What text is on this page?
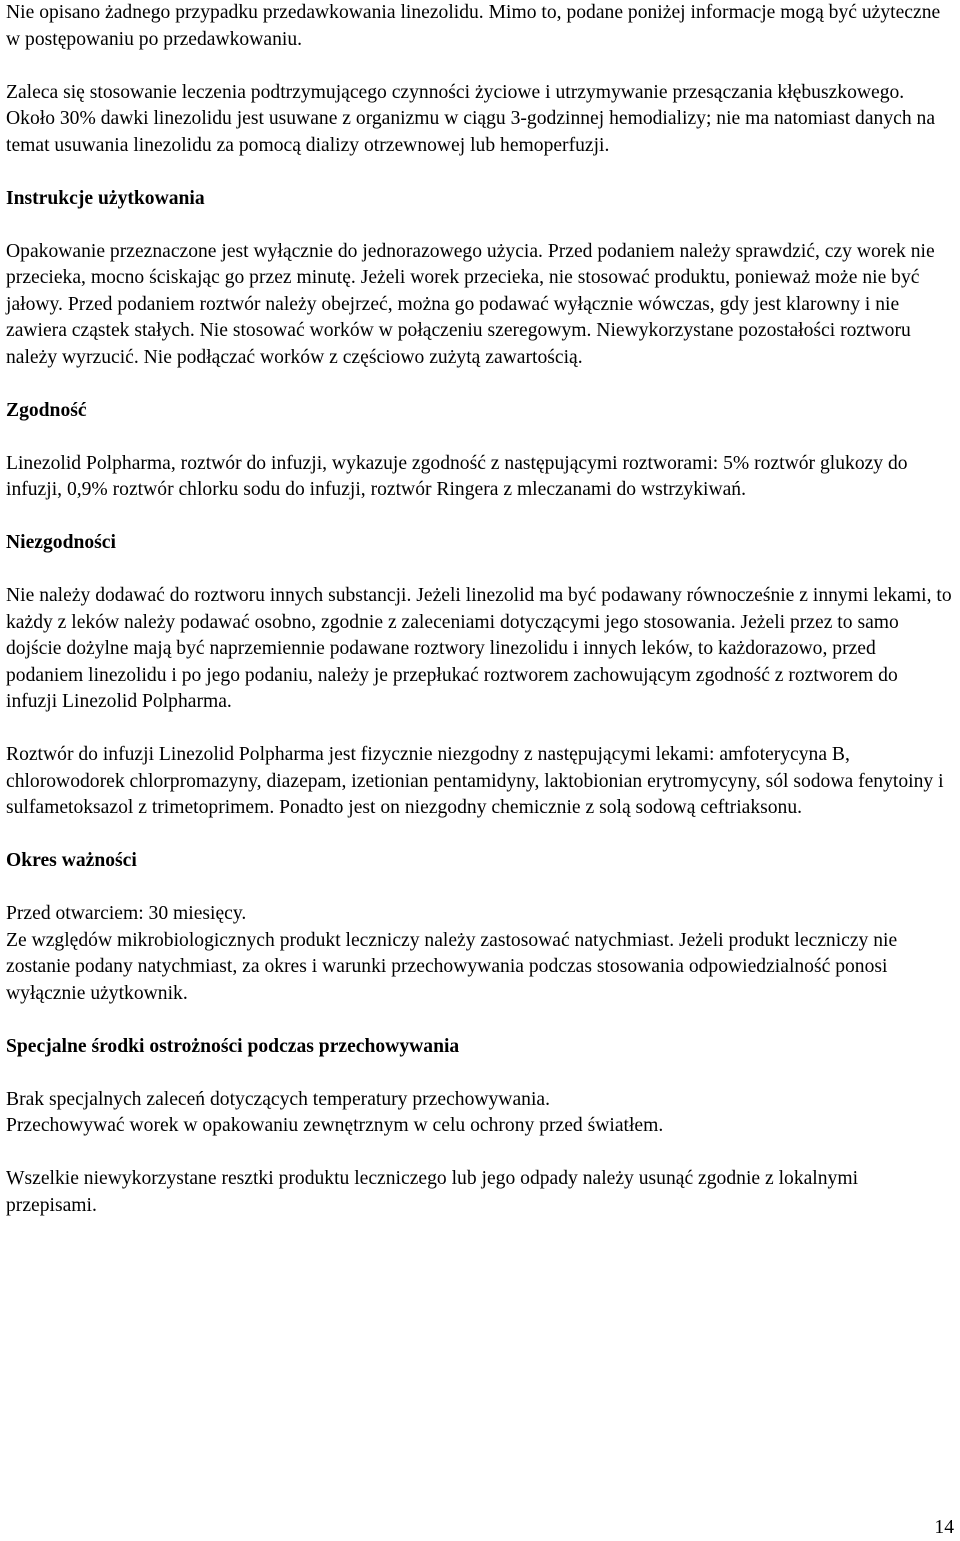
Nie opisano żadnego przypadku przedawkowania linezolidu. Mimo to, podane poniżej informacje mogą być użyteczne w postępowaniu po przedawkowaniu.

Zaleca się stosowanie leczenia podtrzymującego czynności życiowe i utrzymywanie przesączania kłębuszkowego. Około 30% dawki linezolidu jest usuwane z organizmu w ciągu 3-godzinnej hemodializy; nie ma natomiast danych na temat usuwania linezolidu za pomocą dializy otrzewnowej lub hemoperfuzji.

Instrukcje użytkowania

Opakowanie przeznaczone jest wyłącznie do jednorazowego użycia. Przed podaniem należy sprawdzić, czy worek nie przecieka, mocno ściskając go przez minutę. Jeżeli worek przecieka, nie stosować produktu, ponieważ może nie być jałowy. Przed podaniem roztwór należy obejrzeć, można go podawać wyłącznie wówczas, gdy jest klarowny i nie zawiera cząstek stałych. Nie stosować worków w połączeniu szeregowym. Niewykorzystane pozostałości roztworu należy wyrzucić. Nie podłączać worków z częściowo zużytą zawartością.

Zgodność

Linezolid Polpharma, roztwór do infuzji, wykazuje zgodność z następującymi roztworami: 5% roztwór glukozy do infuzji, 0,9% roztwór chlorku sodu do infuzji, roztwór Ringera z mleczanami do wstrzykiwań.

Niezgodności

Nie należy dodawać do roztworu innych substancji. Jeżeli linezolid ma być podawany równocześnie z innymi lekami, to każdy z leków należy podawać osobno, zgodnie z zaleceniami dotyczącymi jego stosowania. Jeżeli przez to samo dojście dożylne mają być naprzemiennie podawane roztwory linezolidu i innych leków, to każdorazowo, przed podaniem linezolidu i po jego podaniu, należy je przepłukać roztworem zachowującym zgodność z roztworem do infuzji Linezolid Polpharma.

Roztwór do infuzji Linezolid Polpharma jest fizycznie niezgodny z następującymi lekami: amfoterycyna B, chlorowodorek chlorpromazyny, diazepam, izetionian pentamidyny, laktobionian erytromycyny, sól sodowa fenytoiny i sulfametoksazol z trimetoprimem. Ponadto jest on niezgodny chemicznie z solą sodową ceftriaksonu.

Okres ważności

Przed otwarciem: 30 miesięcy.

Ze względów mikrobiologicznych produkt leczniczy należy zastosować natychmiast. Jeżeli produkt leczniczy nie zostanie podany natychmiast, za okres i warunki przechowywania podczas stosowania odpowiedzialność ponosi wyłącznie użytkownik.

Specjalne środki ostrożności podczas przechowywania

Brak specjalnych zaleceń dotyczących temperatury przechowywania.

Przechowywać worek w opakowaniu zewnętrznym w celu ochrony przed światłem.

Wszelkie niewykorzystane resztki produktu leczniczego lub jego odpady należy usunąć zgodnie z lokalnymi przepisami.

14
